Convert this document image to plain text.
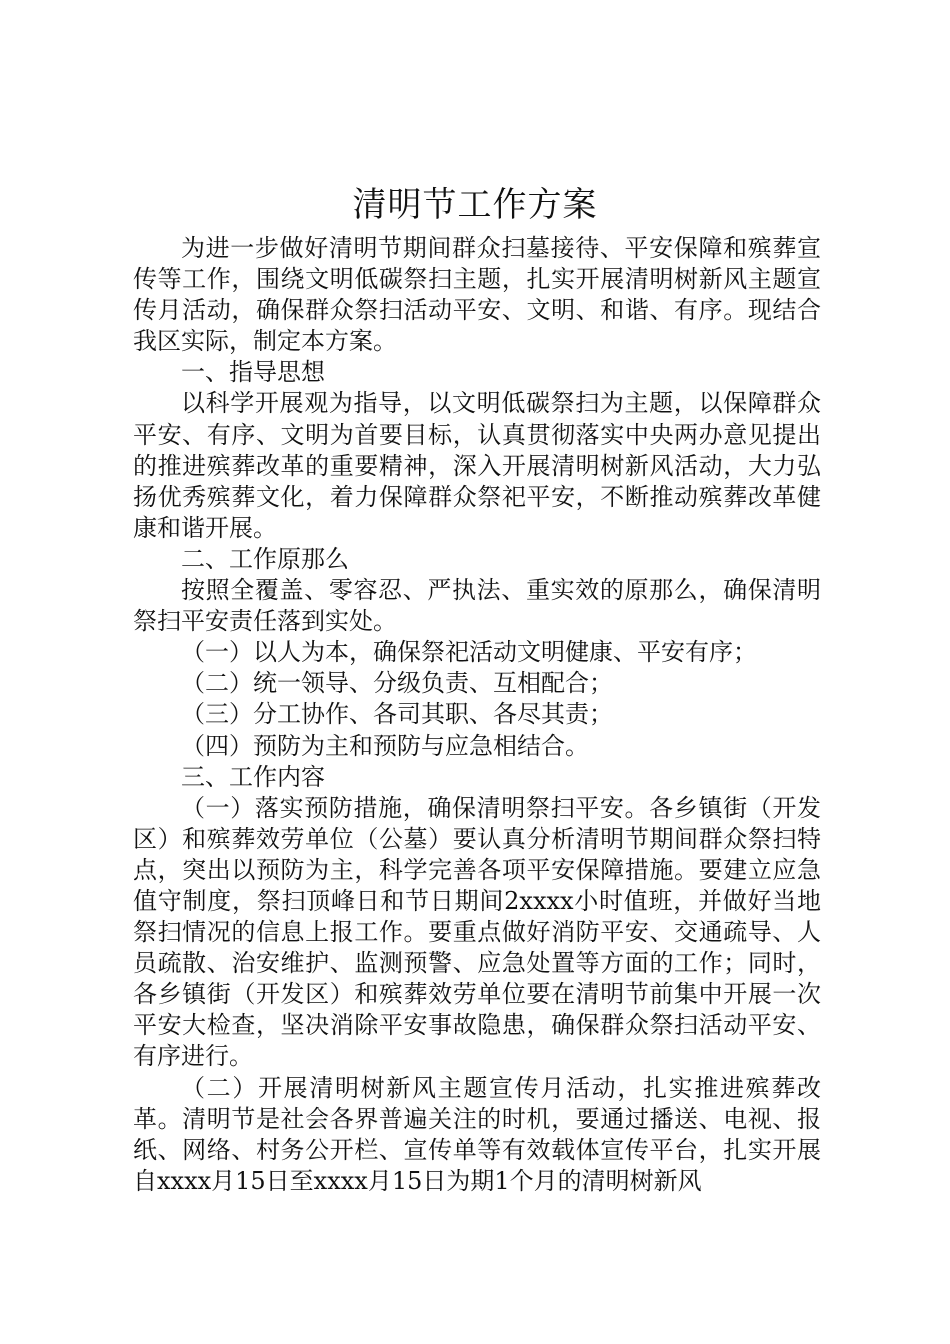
清明节工作方案

为进一步做好清明节期间群众扫墓接待、平安保障和殡葬宣传等工作，围绕文明低碳祭扫主题，扎实开展清明树新风主题宣传月活动，确保群众祭扫活动平安、文明、和谐、有序。现结合我区实际，制定本方案。

一、指导思想

以科学开展观为指导，以文明低碳祭扫为主题，以保障群众平安、有序、文明为首要目标，认真贯彻落实中央两办意见提出的推进殡葬改革的重要精神，深入开展清明树新风活动，大力弘扬优秀殡葬文化，着力保障群众祭祀平安，不断推动殡葬改革健康和谐开展。

二、工作原那么

按照全覆盖、零容忍、严执法、重实效的原那么，确保清明祭扫平安责任落到实处。

（一）以人为本，确保祭祀活动文明健康、平安有序；

（二）统一领导、分级负责、互相配合；

（三）分工协作、各司其职、各尽其责；

（四）预防为主和预防与应急相结合。

三、工作内容

（一）落实预防措施，确保清明祭扫平安。各乡镇街（开发区）和殡葬效劳单位（公墓）要认真分析清明节期间群众祭扫特点，突出以预防为主，科学完善各项平安保障措施。要建立应急值守制度，祭扫顶峰日和节日期间2xxxx小时值班，并做好当地祭扫情况的信息上报工作。要重点做好消防平安、交通疏导、人员疏散、治安维护、监测预警、应急处置等方面的工作；同时，各乡镇街（开发区）和殡葬效劳单位要在清明节前集中开展一次平安大检查，坚决消除平安事故隐患，确保群众祭扫活动平安、有序进行。

（二）开展清明树新风主题宣传月活动，扎实推进殡葬改革。清明节是社会各界普遍关注的时机，要通过播送、电视、报纸、网络、村务公开栏、宣传单等有效载体宣传平台，扎实开展自xxxx月15日至xxxx月15日为期1个月的清明树新风
